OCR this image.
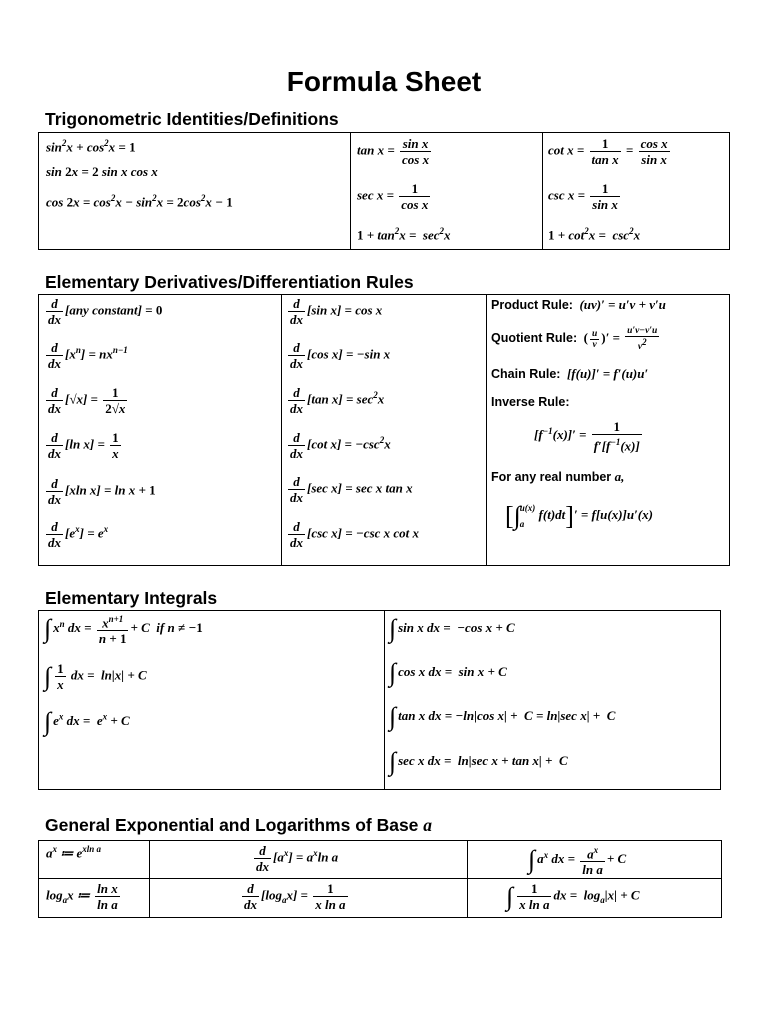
Formula Sheet
Trigonometric Identities/Definitions
$\sin^2x + \cos^2x = 1$
sin 2x = 2 sin x cos x
$\cos 2x = \cos^2x - \sin^2x = 2\cos^2x - 1$
$\tan x = \frac{\text{sin x}}{\text{cos x}}$
$\sec x = \frac{1}{\text{cos x}}$
$1 + \tan^2x = \sec^2x$
$\cot x = \frac{1}{\text{tan x}} = \frac{\text{cos x}}{\text{sin x}}$
$\csc x = \frac{1}{\text{sin x}}$
$1 + \cot^2x = \csc^2x$
Elementary Derivatives/Differentiation Rules
$\frac{d}{dx} [any$ constant] = 0
$\frac{d}{dx} [x^n] = nx^{n-1}$
$\frac{d}{dx} [√x] = \frac{1}{2√x}$
$\frac{d}{dx} [\ln$ $x] = \frac{1}{x}$
$\frac{d}{dx} [xln$ x] = ln x + 1
$\frac{d}{dx} [e^x] = e^x$
$\frac{d}{dx} [\sin$ x] = cos x
$\frac{d}{dx} [\cos$ x] = −sin x
$\frac{d}{dx} [\tan$ $x] = \sec^2x$
$\frac{d}{dx} [\cot$ $x] = -\csc^2x$
$\frac{d}{dx} [\sec$ x] = sec x tan x
$\frac{d}{dx} [\csc$ x] = −csc x cot x
Product Rule:  (uv)′ = u′v + v′u
Quotient Rule: ( $\frac{u}{v}$ )′ = $\frac{u'v-v'u}{v^2}$
Chain Rule:  [f(u)]′ = f′(u)u′
Inverse Rule:
$[f^{-1}(x)]' = \frac{1}{f'[f^{-1}(x)]}$
For any real number a,
[∫u(x)
a f(t)dt]′ = f[u(x)]u′(x)
Elementary Integrals
∫ $x^n$ dx = $\frac{x^{n+1}}{n + 1} + C$  if n ≠ −1
∫ $\frac{1}{x}$ dx =  ln|x| + C
∫ $e^x$ dx =  $e^x + C$
∫ sin x dx =  −cos x + C
∫ cos x dx =  sin x + C
∫ tan x dx = −ln|cos x| +  C = ln|sec x| +  C
∫ sec x dx =  ln|sec x + tan x| +  C
General Exponential and Logarithms of Base a
$a^x$ ≔ $e^{xln a}$
$\log_ax$ ≔ $\frac{\text{ln x}}{\text{ln a}}$
$\frac{d}{dx} [a^x] = a^x\ln$ a
$\frac{d}{dx} [\log_ax] = \frac{1}{\text{x ln a}}$
∫ $a^x$ dx = $\frac{a^x}{\text{ln a}} + C$
∫ $\frac{1}{\text{x ln a}}$ dx =  $\log_a|x| + C$
